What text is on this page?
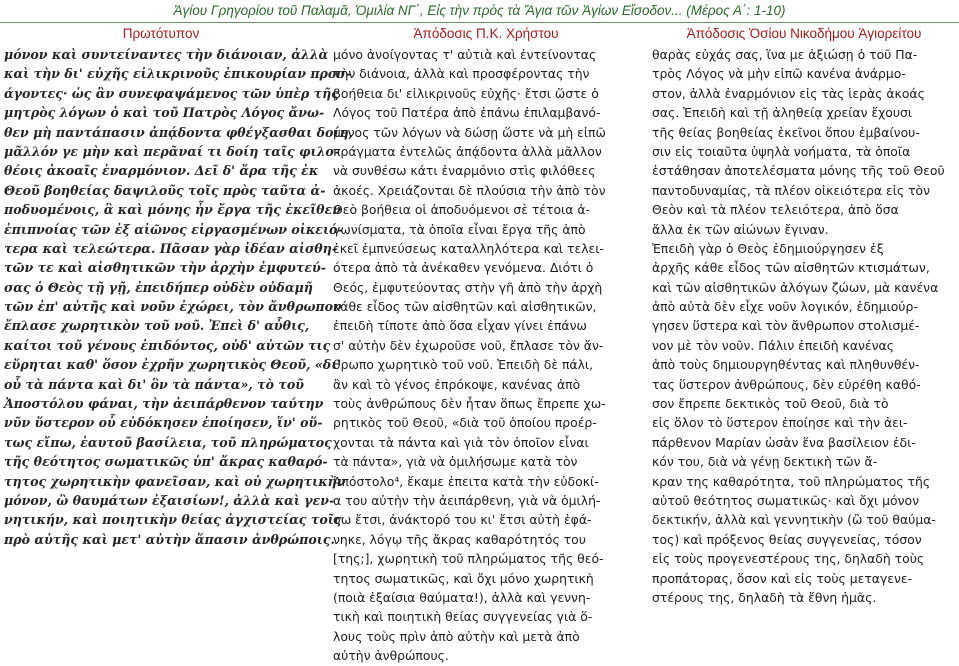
Ἁγίου Γρηγορίου τοῦ Παλαμᾶ, Ὁμιλία ΝΓ΄, Εἰς τὴν πρὸς τὰ Ἅγια τῶν Ἁγίων Εἴσοδον... (Μέρος Α΄: 1-10)
Πρωτότυπον	Ἀπόδοσις Π.Κ. Χρήστου	Ἀπόδοσις Ὁσίου Νικοδήμου Ἁγιορείτου
μόνον καὶ συντείναντες τὴν διάνοιαν, ἀλλὰ
καὶ τὴν δι' εὐχῆς εἰλικρινοῦς ἐπικουρίαν προσ-
άγοντες· ὡς ἂν συνεφαψάμενος τῶν ὑπὲρ τῆς
μητρὸς λόγων ὁ καὶ τοῦ Πατρὸς Λόγος ἄνω-
θεν μὴ παντάπασιν ἀπᾴδοντα φθέγξασθαι δοίη,
μᾶλλόν γε μὴν καὶ περᾶναί τι δοίη ταῖς φιλο-
θέοις ἀκοαῖς ἐναρμόνιον. Δεῖ δ' ἄρα τῆς ἐκ
Θεοῦ βοηθείας δαψιλοῦς τοῖς πρὸς ταῦτα ἀ-
ποδυομένοις, ἃ καὶ μόνης ἦν ἔργα τῆς ἐκεῖθεν
ἐπιπνοίας τῶν ἐξ αἰῶνος εἰργασμένων οἰκειό-
τερα καὶ τελεώτερα. Πᾶσαν γὰρ ἰδέαν αἰσθη-
τῶν τε καὶ αἰσθητικῶν τὴν ἀρχὴν ἐμφυτεύ-
σας ὁ Θεὸς τῇ γῇ, ἐπειδήπερ οὐδὲν οὐδαμῆ
τῶν ἐπ' αὐτῆς καὶ νοῦν ἐχώρει, τὸν ἄνθρωπον
ἔπλασε χωρητικὸν τοῦ νοῦ. Ἐπεὶ δ' αὖθις,
καίτοι τοῦ γένους ἐπιδόντος, οὐδ' αὐτῶν τις
εὕρηται καθ' ὅσον ἐχρῆν χωρητικὸς Θεοῦ, «δι'
οὗ τὰ πάντα καὶ δι' ὃν τὰ πάντα», τὸ τοῦ
Ἀποστόλου φάναι, τὴν ἀειπάρθενον ταύτην
νῦν ὕστερον οὗ εὐδόκησεν ἐποίησεν, ἵν' οὕ-
τως εἴπω, ἑαυτοῦ βασίλεια, τοῦ πληρώματος
τῆς θεότητος σωματικῶς ὑπ' ἄκρας καθαρό-
τητος χωρητικὴν φανεῖσαν, καὶ οὐ χωρητικὴν
μόνον, ὢ θαυμάτων ἐξαισίων!, ἀλλὰ καὶ γεν-
νητικήν, καὶ ποιητικὴν θείας ἀγχιστείας τοῖς
πρὸ αὐτῆς καὶ μετ' αὐτὴν ἅπασιν ἀνθρώποις.
μόνο ἀνοίγοντας τ' αὐτιὰ καὶ ἐντείνοντας
τὴν διάνοια, ἀλλὰ καὶ προσφέροντας τὴν
βοήθεια δι' εἰλικρινοῦς εὐχῆς· ἔτσι ὥστε ὁ
Λόγος τοῦ Πατέρα ἀπὸ ἐπάνω ἐπιλαμβανό-
μενος τῶν λόγων νὰ δώσῃ ὥστε νὰ μὴ εἰπῶ
πράγματα ἐντελῶς ἀπᾴδοντα ἀλλὰ μᾶλλον
νὰ συνθέσω κάτι ἐναρμόνιο στὶς φιλόθεες
ἀκοές. Χρειάζονται δὲ πλούσια τὴν ἀπὸ τὸν
Θεὸ βοήθεια οἱ ἀποδυόμενοι σὲ τέτοια ἀ-
γωνίσματα, τὰ ὁποῖα εἶναι ἔργα τῆς ἀπὸ
ἐκεῖ ἐμπνεύσεως καταλληλότερα καὶ τελει-
ότερα ἀπὸ τὰ ἀνέκαθεν γενόμενα. Διότι ὁ
Θεός, ἐμφυτεύοντας στὴν γῆ ἀπὸ τὴν ἀρχὴ
κάθε εἶδος τῶν αἰσθητῶν καὶ αἰσθητικῶν,
ἐπειδὴ τίποτε ἀπὸ ὅσα εἶχαν γίνει ἐπάνω
σ' αὐτὴν δὲν ἐχωροῦσε νοῦ, ἔπλασε τὸν ἄν-
θρωπο χωρητικὸ τοῦ νοῦ. Ἐπειδὴ δὲ πάλι,
ἂν καὶ τὸ γένος ἐπρόκοψε, κανένας ἀπὸ
τοὺς ἀνθρώπους δὲν ἦταν ὅπως ἔπρεπε χω-
ρητικὸς τοῦ Θεοῦ, «διὰ τοῦ ὁποίου προέρ-
χονται τὰ πάντα καὶ γιὰ τὸν ὁποῖον εἶναι
τὰ πάντα», γιὰ νὰ ὁμιλήσωμε κατὰ τὸν
Ἀπόστολο⁴, ἔκαμε ἐπειτα κατὰ τὴν εὐδοκί-
α του αὐτὴν τὴν ἀειπάρθενη, γιὰ νὰ ὁμιλή-
σω ἔτσι, ἀνάκτορό του κι' ἔτσι αὐτὴ ἐφά-
νηκε, λόγῳ τῆς ἄκρας καθαρότητός του
[της;], χωρητικὴ τοῦ πληρώματος τῆς θεό-
τητος σωματικῶς, καὶ ὄχι μόνο χωρητικὴ
(ποιὰ ἐξαίσια θαύματα!), ἀλλὰ καὶ γεννη-
τικὴ καὶ ποιητικὴ θείας συγγενείας γιὰ ὅ-
λους τοὺς πρὶν ἀπὸ αὐτὴν καὶ μετὰ ἀπὸ
αὐτὴν ἀνθρώπους.
θαρὰς εὐχάς σας, ἵνα με ἀξιώσῃ ὁ τοῦ Πα-
τρὸς Λόγος νὰ μὴν εἰπῶ κανένα ἀνάρμο-
στον, ἀλλὰ ἐναρμόνιον εἰς τὰς ἱερὰς ἀκοάς
σας. Ἐπειδὴ καὶ τῇ ἀληθείᾳ χρείαν ἔχουσι
τῆς θείας βοηθείας ἐκεῖνοι ὅπου ἐμβαίνου-
σιν εἰς τοιαῦτα ὑψηλὰ νοήματα, τὰ ὁποῖα
ἐστάθησαν ἀποτελέσματα μόνης τῆς τοῦ Θεοῦ
παντοδυναμίας, τὰ πλέον οἰκειότερα εἰς τὸν
Θεὸν καὶ τὰ πλέον τελειότερα, ἀπὸ ὅσα
ἄλλα ἐκ τῶν αἰώνων ἔγιναν.
Ἐπειδὴ γὰρ ὁ Θεὸς ἐδημιούργησεν ἐξ
ἀρχῆς κάθε εἶδος τῶν αἰσθητῶν κτισμάτων,
καὶ τῶν αἰσθητικῶν ἀλόγων ζώων, μὰ κανένα
ἀπὸ αὐτὰ δὲν εἶχε νοῦν λογικόν, ἐδημιούρ-
γησεν ὕστερα καὶ τὸν ἄνθρωπον στολισμέ-
νον μὲ τὸν νοῦν. Πάλιν ἐπειδὴ κανένας
ἀπὸ τοὺς δημιουργηθέντας καὶ πληθυνθέν-
τας ὕστερον ἀνθρώπους, δὲν εὑρέθη καθό-
σον ἔπρεπε δεκτικὸς τοῦ Θεοῦ, διὰ τὸ
εἰς ὅλον τὸ ὕστερον ἐποίησε καὶ τὴν ἀει-
πάρθενον Μαρίαν ὡσὰν ἕνα βασίλειον ἐδι-
κόν του, διὰ νὰ γένῃ δεκτικὴ τῶν ἄ-
κραν της καθαρότητα, τοῦ πληρώματος τῆς
αὐτοῦ θεότητος σωματικῶς· καὶ ὄχι μόνον
δεκτικήν, ἀλλὰ καὶ γεννητικὴν (ὢ τοῦ θαύμα-
τος) καὶ πρόξενος θείας συγγενείας, τόσον
εἰς τοὺς προγενεστέρους της, δηλαδὴ τοὺς
προπάτορας, ὅσον καὶ εἰς τοὺς μεταγενε-
στέρους της, δηλαδὴ τὰ ἔθνη ἡμᾶς.
